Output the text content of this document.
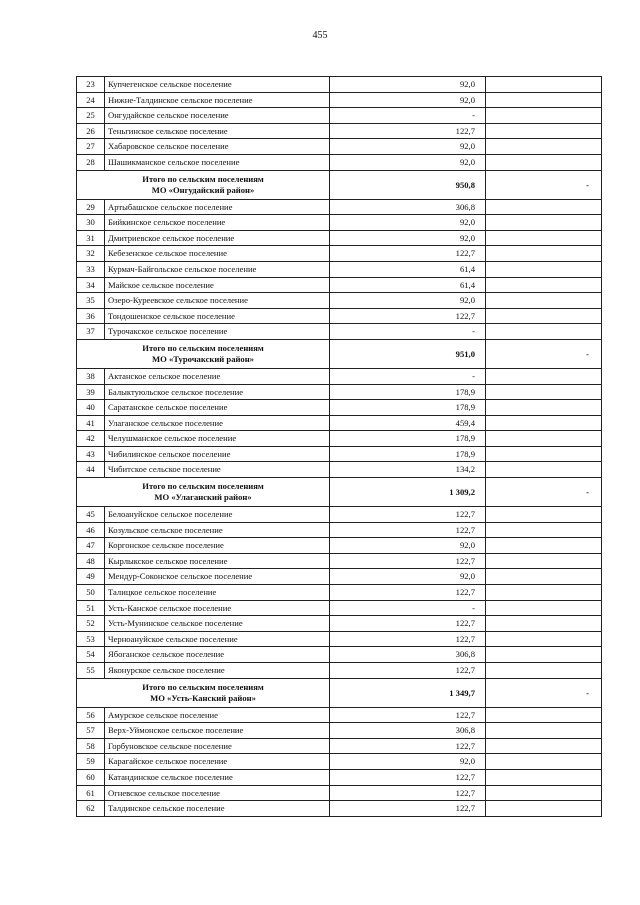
455
23	Купчегенское сельское поселение	92,0	
24	Нижне-Талдинское сельское поселение	92,0	
25	Онгудайское сельское поселение	-	
26	Теньгинское сельское поселение	122,7	
27	Хабаровское сельское поселение	92,0	
28	Шашикманское сельское поселение	92,0	

Итого по сельским поселениям
МО «Онгудайский район»		950,8	-
29	Артыбашское сельское поселение	306,8	
30	Бийкинское сельское поселение	92,0	
31	Дмитриевское сельское поселение	92,0	
32	Кебезенское сельское поселение	122,7	
33	Курмач-Байгольское сельское поселение	61,4	
34	Майское сельское поселение	61,4	
35	Озеро-Куреевское сельское поселение	92,0	
36	Тондошенское сельское поселение	122,7	
37	Турочакское сельское поселение	-	

Итого по сельским поселениям
МО «Турочакский район»		951,0	-
38	Актанское сельское поселение	-	
39	Балыктуюльское сельское поселение	178,9	
40	Саратанское сельское поселение	178,9	
41	Улаганское сельское поселение	459,4	
42	Челушманское сельское поселение	178,9	
43	Чибилинское сельское поселение	178,9	
44	Чибитское сельское поселение	134,2	

Итого по сельским поселениям
МО «Улаганский район»		1 309,2	-
45	Белоануйское сельское поселение	122,7	
46	Козульское сельское поселение	122,7	
47	Коргонское сельское поселение	92,0	
48	Кырлыкское сельское поселение	122,7	
49	Мендур-Соконское сельское поселение	92,0	
50	Талицкое сельское поселение	122,7	
51	Усть-Канское сельское поселение	-	
52	Усть-Мунинское сельское поселение	122,7	
53	Черноануйское сельское поселение	122,7	
54	Ябоганское сельское поселение	306,8	
55	Яконурское сельское поселение	122,7	

Итого по сельским поселениям
МО «Усть-Канский район»		1 349,7	-
56	Амурское сельское поселение	122,7	
57	Верх-Уймонское сельское поселение	306,8	
58	Горбуновское сельское поселение	122,7	
59	Карагайское сельское поселение	92,0	
60	Катандинское сельское поселение	122,7	
61	Огневское сельское поселение	122,7	
62	Талдинское сельское поселение	122,7	
